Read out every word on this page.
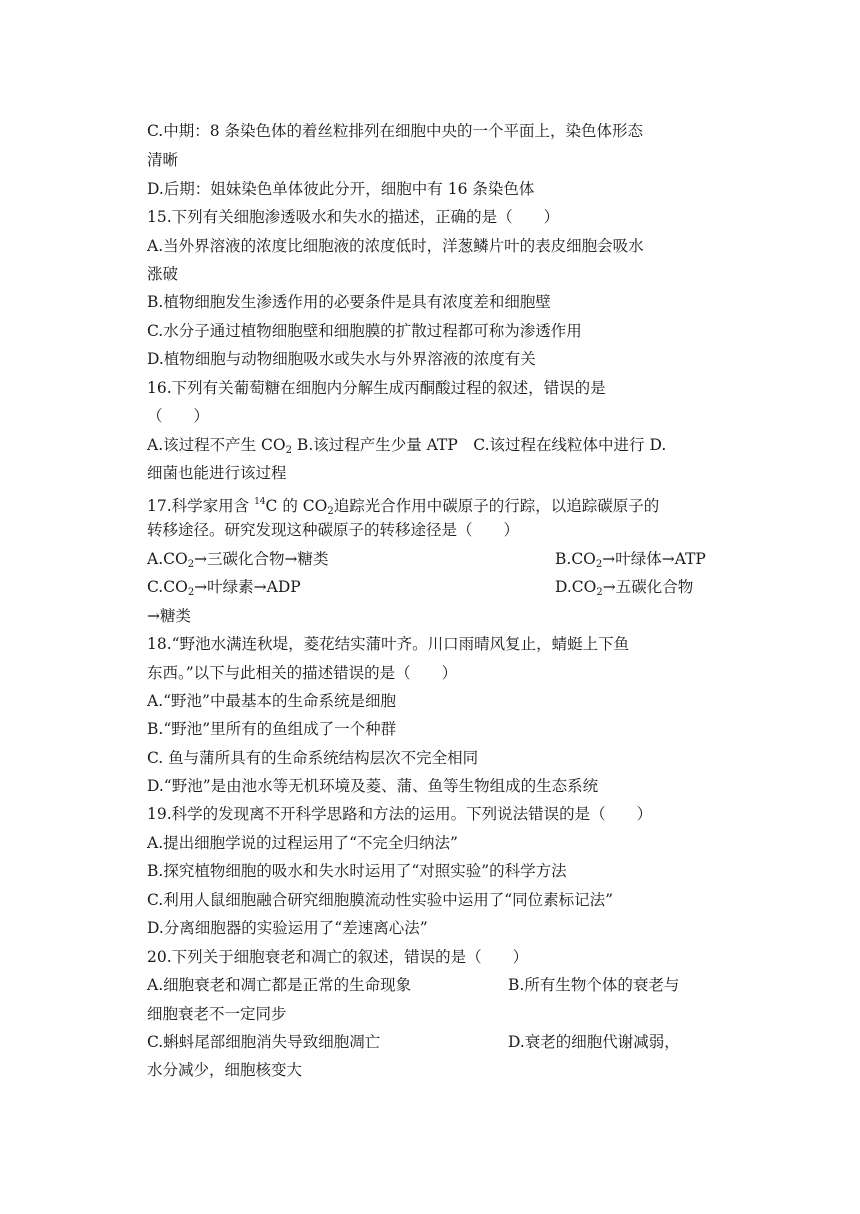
C.中期：8 条染色体的着丝粒排列在细胞中央的一个平面上，染色体形态
清晰
D.后期：姐妹染色单体彼此分开，细胞中有 16 条染色体
15.下列有关细胞渗透吸水和失水的描述，正确的是（　　）
A.当外界溶液的浓度比细胞液的浓度低时，洋葱鳞片叶的表皮细胞会吸水
涨破
B.植物细胞发生渗透作用的必要条件是具有浓度差和细胞壁
C.水分子通过植物细胞壁和细胞膜的扩散过程都可称为渗透作用
D.植物细胞与动物细胞吸水或失水与外界溶液的浓度有关
16.下列有关葡萄糖在细胞内分解生成丙酮酸过程的叙述，错误的是
（　　）
A.该过程不产生 $CO_2$ B.该过程产生少量 ATP　C.该过程在线粒体中进行 D.
细菌也能进行该过程
17.科学家用含 $^{14}$C 的 $CO_2$追踪光合作用中碳原子的行踪，以追踪碳原子的
转移途径。研究发现这种碳原子的转移途径是（　　）
$A.CO_2\to$三碳化合物→糖类	$B.CO_2\to$叶绿体→ATP
$C.CO_2\to$叶绿素→ADP	$D.CO_2\to$五碳化合物
→糖类
18.“野池水满连秋堤，菱花结实蒲叶齐。川口雨晴风复止，蜻蜓上下鱼
东西。”以下与此相关的描述错误的是（　　）
A.“野池”中最基本的生命系统是细胞
B.“野池”里所有的鱼组成了一个种群
C. 鱼与蒲所具有的生命系统结构层次不完全相同
D.“野池”是由池水等无机环境及菱、蒲、鱼等生物组成的生态系统
19.科学的发现离不开科学思路和方法的运用。下列说法错误的是（　　）
A.提出细胞学说的过程运用了“不完全归纳法”
B.探究植物细胞的吸水和失水时运用了“对照实验”的科学方法
C.利用人鼠细胞融合研究细胞膜流动性实验中运用了“同位素标记法”
D.分离细胞器的实验运用了“差速离心法”
20.下列关于细胞衰老和凋亡的叙述，错误的是（　　）
A.细胞衰老和凋亡都是正常的生命现象	B.所有生物个体的衰老与
细胞衰老不一定同步
C.蝌蚪尾部细胞消失导致细胞凋亡	D.衰老的细胞代谢减弱，
水分减少，细胞核变大
